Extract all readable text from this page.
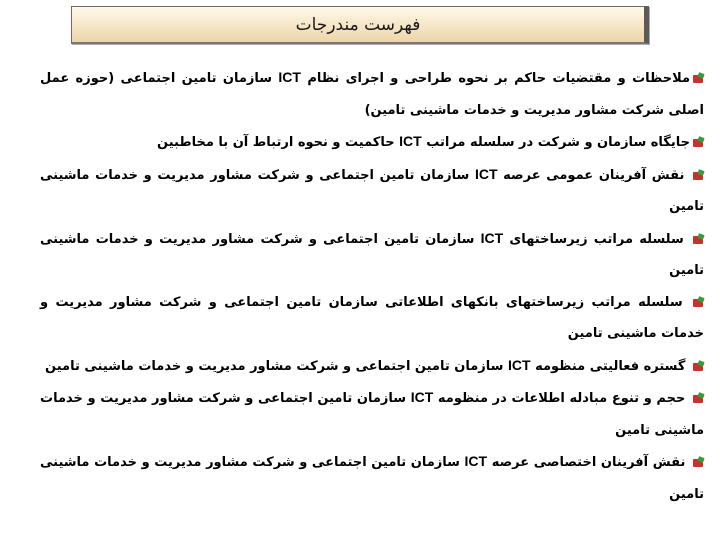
فهرست مندرجات
ملاحظات و مقتضیات حاکم بر نحوه طراحی و اجرای نظام ICT سازمان تامین اجتماعی (حوزه عمل اصلی شرکت مشاور مدیریت و خدمات ماشینی تامین)
جایگاه سازمان و شرکت در سلسله مراتب ICT حاکمیت و نحوه ارتباط آن با مخاطبین
نقش آفرینان عمومی عرصه ICT سازمان تامین اجتماعی و شرکت مشاور مدیریت و خدمات ماشینی تامین
سلسله مراتب زیرساختهای ICT سازمان تامین اجتماعی و شرکت مشاور مدیریت و خدمات ماشینی تامین
سلسله مراتب زیرساختهای بانکهای اطلاعاتی سازمان تامین اجتماعی و شرکت مشاور مدیریت و خدمات ماشینی تامین
گستره فعالیتی منظومه ICT سازمان تامین اجتماعی و شرکت مشاور مدیریت و خدمات ماشینی تامین
حجم و تنوع مبادله اطلاعات در منظومه ICT سازمان تامین اجتماعی و شرکت مشاور مدیریت و خدمات ماشینی تامین
نقش آفرینان اختصاصی عرصه ICT سازمان تامین اجتماعی و شرکت مشاور مدیریت و خدمات ماشینی تامین
